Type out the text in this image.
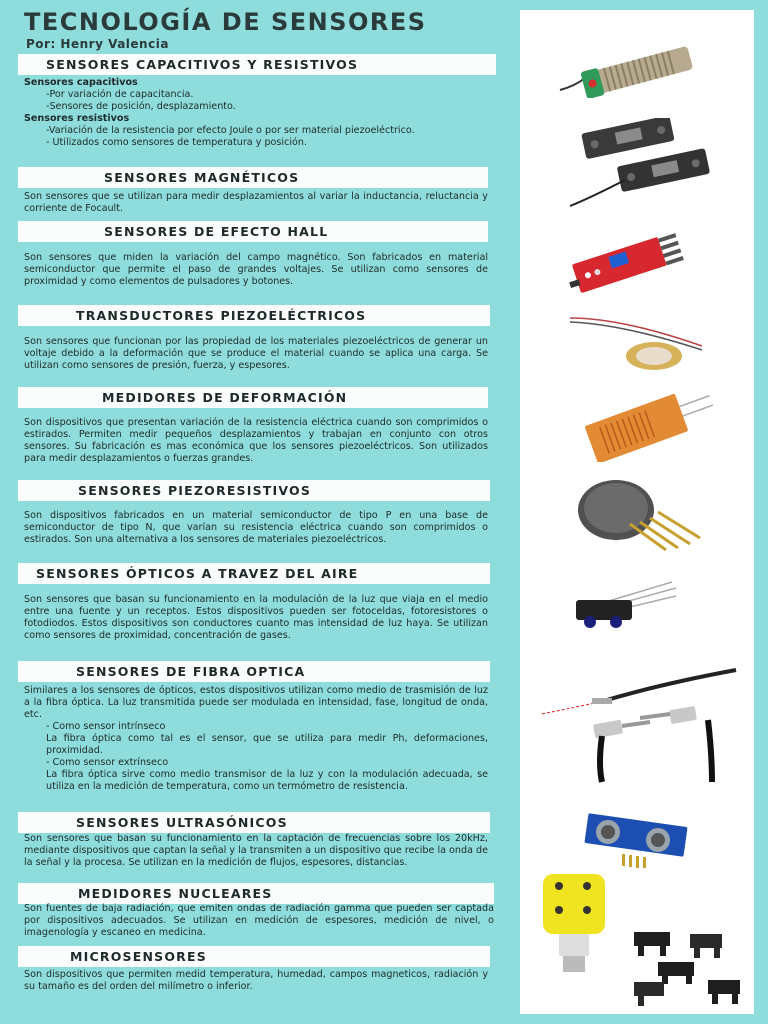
TECNOLOGÍA DE SENSORES
Por: Henry Valencia
SENSORES CAPACITIVOS Y RESISTIVOS

Sensores capacitivos

-Por variación de capacitancia.

-Sensores de posición, desplazamiento.

Sensores resistivos

-Variación de la resistencia por efecto Joule o por ser material piezoeléctrico.

- Utilizados como sensores de temperatura y posición.

SENSORES MAGNÉTICOS
Son sensores que se utilizan para medir desplazamientos al variar la inductancia, reluctancia y corriente de Focault.
SENSORES DE EFECTO HALL
Son sensores que miden la variación del campo magnético. Son fabricados en material semiconductor que permite el paso de grandes voltajes. Se utilizan como sensores de proximidad y como elementos de pulsadores y botones.
TRANSDUCTORES PIEZOELÉCTRICOS
Son sensores que funcionan por las propiedad de los materiales piezoeléctricos de generar un voltaje debido a la deformación que se produce el material cuando se aplica una carga. Se utilizan como sensores de presión, fuerza, y espesores.
MEDIDORES DE DEFORMACIÓN
Son dispositivos que presentan variación de la resistencia eléctrica cuando son comprimidos o estirados. Permiten medir pequeños desplazamientos y trabajan en conjunto con otros sensores. Su fabricación es mas económica que los sensores piezoeléctricos. Son utilizados para medir desplazamientos o fuerzas grandes.
SENSORES PIEZORESISTIVOS
Son dispositivos fabricados en un material semiconductor de tipo P en una base de semiconductor de tipo N, que varían su resistencia eléctrica cuando son comprimidos o estirados. Son una alternativa a los sensores de materiales piezoeléctricos.
SENSORES ÓPTICOS A TRAVEZ DEL AIRE
Son sensores que basan su funcionamiento en la modulación de la luz que viaja en el medio entre una fuente y un receptos. Estos dispositivos pueden ser fotoceldas, fotoresistores o fotodiodos. Estos dispositivos son conductores cuanto mas intensidad de luz haya. Se utilizan como sensores de proximidad, concentración de gases.
SENSORES DE FIBRA OPTICA

Similares a los sensores de ópticos, estos dispositivos utilizan como medio de trasmisión de luz a la fibra óptica. La luz transmitida puede ser modulada en intensidad, fase, longitud de onda, etc.

- Como sensor intrínseco

La fibra óptica como tal es el sensor, que se utiliza para medir Ph, deformaciones, proximidad.

- Como sensor extrínseco

La fibra óptica sirve como medio transmisor de la luz y con la modulación adecuada, se utiliza en la medición de temperatura, como un termómetro de resistencia.

SENSORES ULTRASÓNICOS
Son sensores que basan su funcionamiento en la captación de frecuencias sobre los 20kHz, mediante dispositivos que captan la señal y la transmiten a un dispositivo que recibe la onda de la señal y la procesa. Se utilizan en la medición de flujos, espesores, distancias.
MEDIDORES NUCLEARES
Son fuentes de baja radiación, que emiten ondas de radiación gamma que pueden ser captada por dispositivos adecuados. Se utilizan en medición de espesores, medición de nivel, o imagenología y escaneo en medicina.
MICROSENSORES
Son dispositivos que permiten medid temperatura, humedad, campos magneticos, radiación y su tamaño es del orden del milímetro o inferior.
